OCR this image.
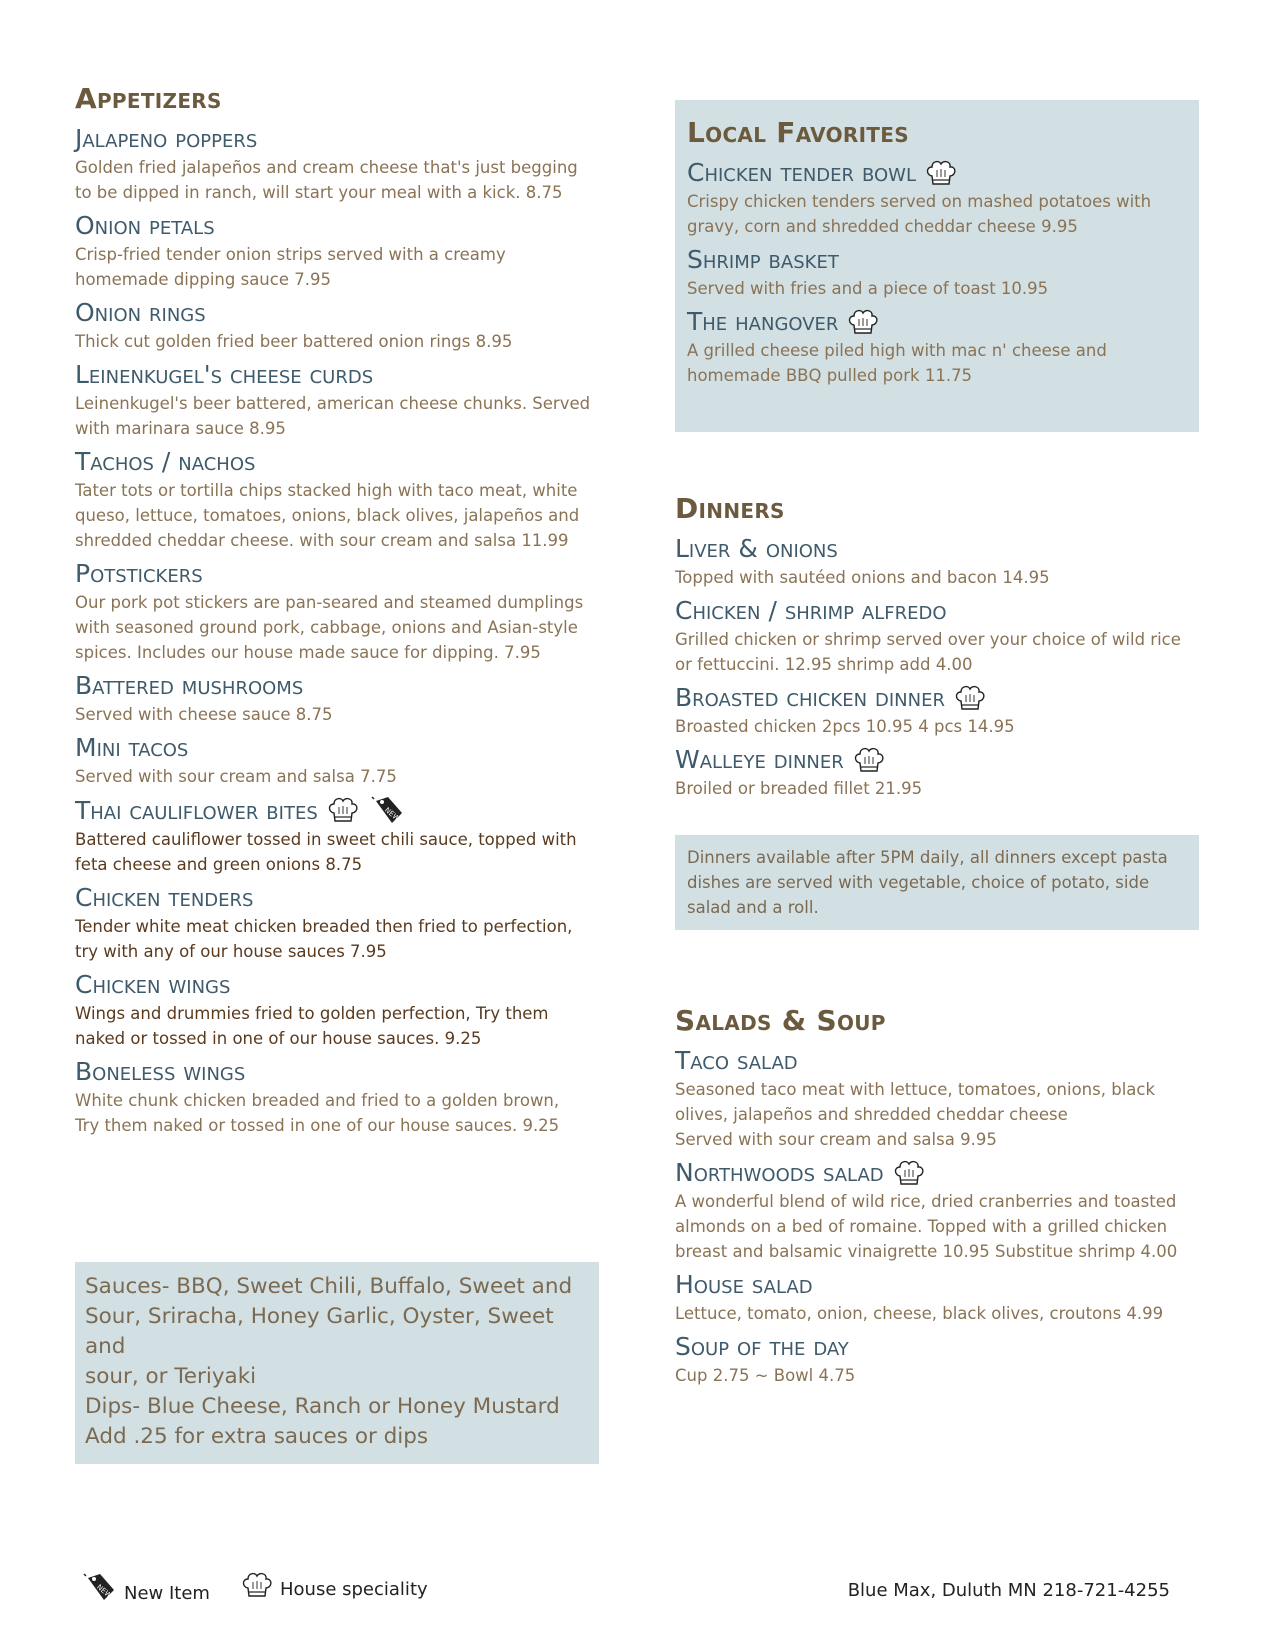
Appetizers
Jalapeno poppers
Golden fried jalapeños and cream cheese that's just begging
to be dipped in ranch, will start your meal with a kick. 8.75
Onion petals
Crisp-fried tender onion strips served with a creamy
homemade dipping sauce 7.95
Onion rings
Thick cut golden fried beer battered onion rings 8.95
Leinenkugel's cheese curds
Leinenkugel's beer battered, american cheese chunks. Served
with marinara sauce 8.95
Tachos / nachos
Tater tots or tortilla chips stacked high with taco meat, white
queso, lettuce, tomatoes, onions, black olives, jalapeños and
shredded cheddar cheese. with sour cream and salsa 11.99
Potstickers
Our pork pot stickers are pan-seared and steamed dumplings
with seasoned ground pork, cabbage, onions and Asian-style
spices. Includes our house made sauce for dipping. 7.95
Battered mushrooms
Served with cheese sauce 8.75
Mini tacos
Served with sour cream and salsa 7.75
Thai cauliflower bites
Battered cauliflower tossed in sweet chili sauce, topped with
feta cheese and green onions 8.75
Chicken tenders
Tender white meat chicken breaded then fried to perfection,
try with any of our house sauces 7.95
Chicken wings
Wings and drummies fried to golden perfection, Try them
naked or tossed in one of our house sauces. 9.25
Boneless wings
White chunk chicken breaded and fried to a golden brown,
Try them naked or tossed in one of our house sauces. 9.25
Sauces- BBQ, Sweet Chili, Buffalo, Sweet and
Sour, Sriracha, Honey Garlic, Oyster, Sweet and
sour, or Teriyaki
Dips- Blue Cheese, Ranch or Honey Mustard
Add .25 for extra sauces or dips
Local Favorites
Chicken tender bowl
Crispy chicken tenders served on mashed potatoes with
gravy, corn and shredded cheddar cheese 9.95
Shrimp basket
Served with fries and a piece of toast 10.95
The hangover
A grilled cheese piled high with mac n' cheese and
homemade BBQ pulled pork 11.75
Dinners
Liver & onions
Topped with sautéed onions and bacon 14.95
Chicken / shrimp alfredo
Grilled chicken or shrimp served over your choice of wild rice
or fettuccini. 12.95 shrimp add 4.00
Broasted chicken dinner
Broasted chicken 2pcs 10.95 4 pcs 14.95
Walleye dinner
Broiled or breaded fillet 21.95
Dinners available after 5PM daily, all dinners except pasta
dishes are served with vegetable, choice of potato, side
salad and a roll.
Salads & Soup
Taco salad
Seasoned taco meat with lettuce, tomatoes, onions, black
olives, jalapeños and shredded cheddar cheese
Served with sour cream and salsa 9.95
Northwoods salad
A wonderful blend of wild rice, dried cranberries and toasted
almonds on a bed of romaine. Topped with a grilled chicken
breast and balsamic vinaigrette 10.95 Substitue shrimp 4.00
House salad
Lettuce, tomato, onion, cheese, black olives, croutons 4.99
Soup of the day
Cup 2.75 ~ Bowl 4.75
New Item	House speciality	Blue Max, Duluth MN 218-721-4255
